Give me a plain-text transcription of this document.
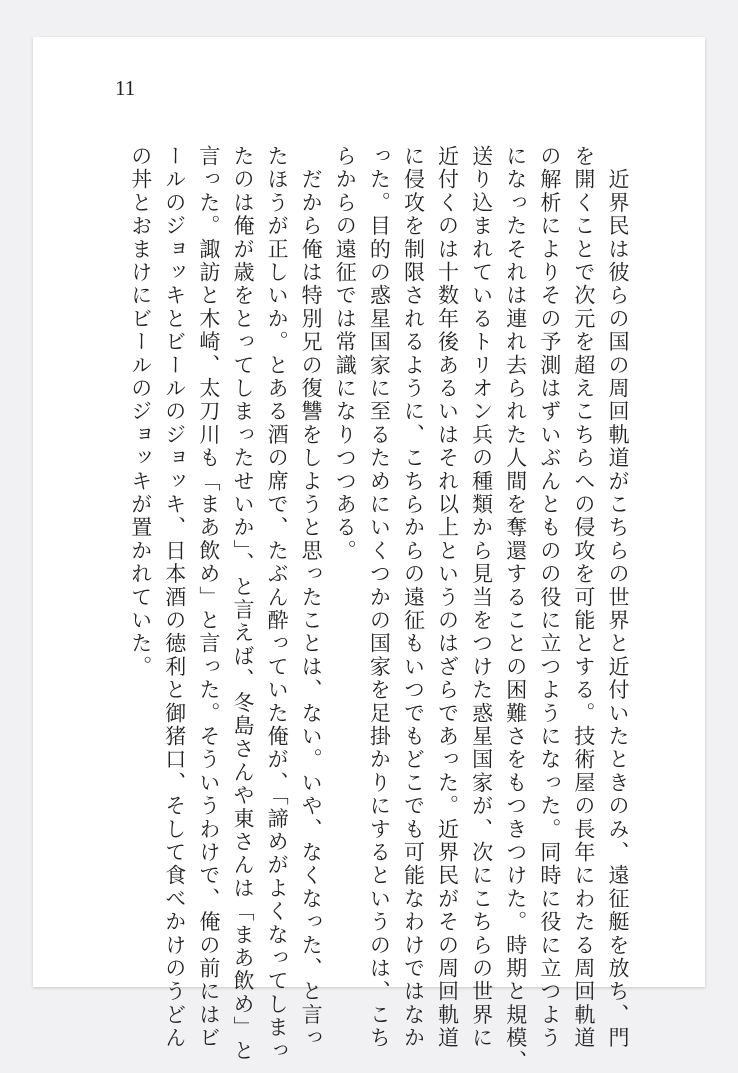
11
　近界民は彼らの国の周回軌道がこちらの世界と近付いたときのみ、遠征艇を放ち、門
を開くことで次元を超えこちらへの侵攻を可能とする。技術屋の長年にわたる周回軌道
の解析によりその予測はずいぶんとものの役に立つようになった。同時に役に立つよう
になったそれは連れ去られた人間を奪還することの困難さをもつきつけた。時期と規模、
送り込まれているトリオン兵の種類から見当をつけた惑星国家が、次にこちらの世界に
近付くのは十数年後あるいはそれ以上というのはざらであった。近界民がその周回軌道
に侵攻を制限されるように、こちらからの遠征もいつでもどこでも可能なわけではなか
った。目的の惑星国家に至るためにいくつかの国家を足掛かりにするというのは、こち
らからの遠征では常識になりつつある。
　だから俺は特別兄の復讐をしようと思ったことは、ない。いや、なくなった、と言っ
たほうが正しいか。とある酒の席で、たぶん酔っていた俺が、「諦めがよくなってしまっ
たのは俺が歳をとってしまったせいか」、と言えば、冬島さんや東さんは「まあ飲め」と
言った。諏訪と木崎、太刀川も「まあ飲め」と言った。そういうわけで、俺の前にはビ
ールのジョッキとビールのジョッキ、日本酒の徳利と御猪口、そして食べかけのうどん
の丼とおまけにビールのジョッキが置かれていた。
